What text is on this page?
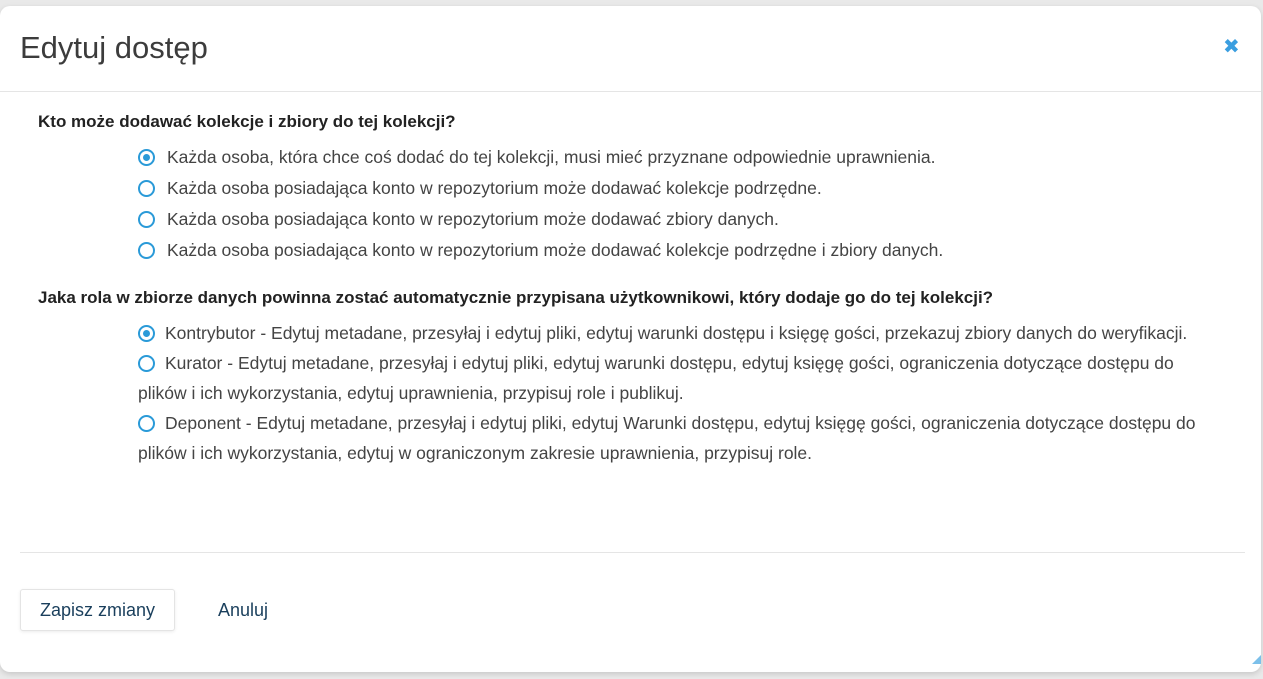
Edytuj dostęp	✖

Kto może dodawać kolekcje i zbiory do tej kolekcji?

Każda osoba, która chce coś dodać do tej kolekcji, musi mieć przyznane odpowiednie uprawnienia.
Każda osoba posiadająca konto w repozytorium może dodawać kolekcje podrzędne.
Każda osoba posiadająca konto w repozytorium może dodawać zbiory danych.
Każda osoba posiadająca konto w repozytorium może dodawać kolekcje podrzędne i zbiory danych.

Jaka rola w zbiorze danych powinna zostać automatycznie przypisana użytkownikowi, który dodaje go do tej kolekcji?

Kontrybutor - Edytuj metadane, przesyłaj i edytuj pliki, edytuj warunki dostępu i księgę gości, przekazuj zbiory danych do weryfikacji.
Kurator - Edytuj metadane, przesyłaj i edytuj pliki, edytuj warunki dostępu, edytuj księgę gości, ograniczenia dotyczące dostępu do plików i ich wykorzystania, edytuj uprawnienia, przypisuj role i publikuj.
Deponent - Edytuj metadane, przesyłaj i edytuj pliki, edytuj Warunki dostępu, edytuj księgę gości, ograniczenia dotyczące dostępu do plików i ich wykorzystania, edytuj w ograniczonym zakresie uprawnienia, przypisuj role.
Zapisz zmiany	Anuluj
